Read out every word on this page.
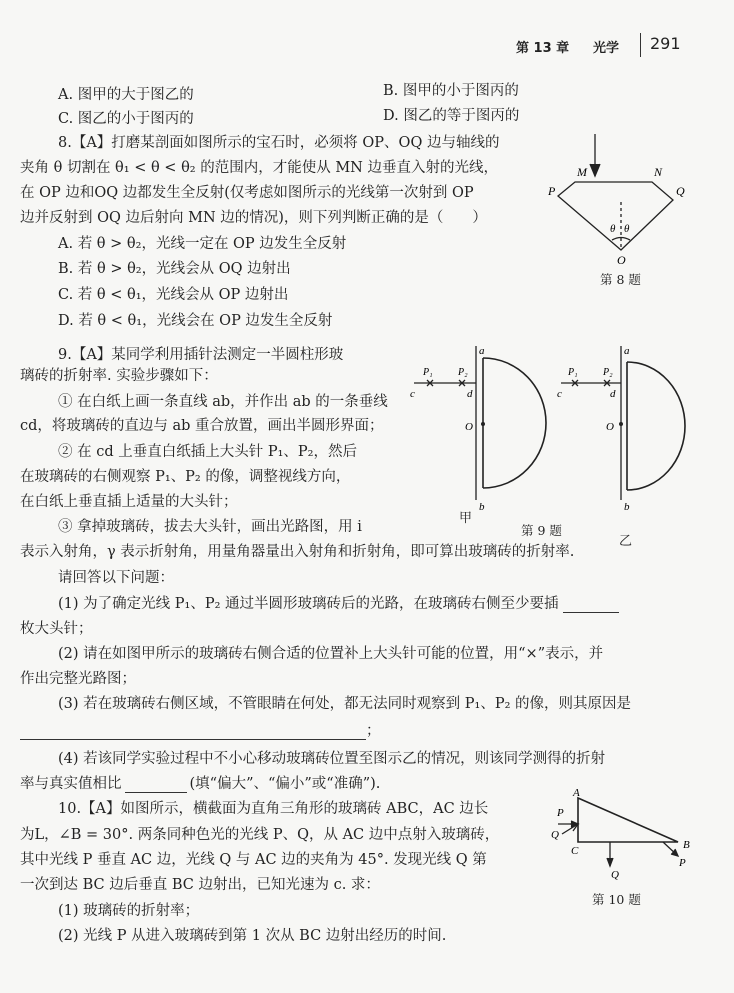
第 13 章 光学 291
A. 图甲的大于图乙的	B. 图甲的小于图丙的
C. 图乙的小于图丙的	D. 图乙的等于图丙的
8.【A】打磨某剖面如图所示的宝石时，必须将 OP、OQ 边与轴线的
夹角 θ 切割在 θ₁ < θ < θ₂ 的范围内，才能使从 MN 边垂直入射的光线，
在 OP 边和OQ 边都发生全反射(仅考虑如图所示的光线第一次射到 OP
边并反射到 OQ 边后射向 MN 边的情况)，则下列判断正确的是（　　）
A. 若 θ > θ₂，光线一定在 OP 边发生全反射
B. 若 θ > θ₂，光线会从 OQ 边射出
C. 若 θ < θ₁，光线会从 OP 边射出
D. 若 θ < θ₁，光线会在 OP 边发生全反射
M	N
P	Q
O
θ θ
第 8 题
9.【A】某同学利用插针法测定一半圆柱形玻
璃砖的折射率. 实验步骤如下：
① 在白纸上画一条直线 ab，并作出 ab 的一条垂线
cd，将玻璃砖的直边与 ab 重合放置，画出半圆形界面；
② 在 cd 上垂直白纸插上大头针 P₁、P₂，然后
在玻璃砖的右侧观察 P₁、P₂ 的像，调整视线方向，
在白纸上垂直插上适量的大头针；
③ 拿掉玻璃砖，拔去大头针，画出光路图，用 i
表示入射角，γ 表示折射角，用量角器量出入射角和折射角，即可算出玻璃砖的折射率.
请回答以下问题：
(1) 为了确定光线 P₁、P₂ 通过半圆形玻璃砖后的光路，在玻璃砖右侧至少要插
枚大头针；
(2) 请在如图甲所示的玻璃砖右侧合适的位置补上大头针可能的位置，用“×”表示，并
作出完整光路图；
(3) 若在玻璃砖右侧区域，不管眼睛在何处，都无法同时观察到 P₁、P₂ 的像，则其原因是
；
(4) 若该同学实验过程中不小心移动玻璃砖位置至图示乙的情况，则该同学测得的折射
率与真实值相比	(填“偏大”、“偏小”或“准确”).
a
b
c	d
O
P₁	P₂
a
b
c	d
O
P₁	P₂
甲
第 9 题
乙
10.【A】如图所示，横截面为直角三角形的玻璃砖 ABC，AC 边长
为L，∠B = 30°. 两条同种色光的光线 P、Q，从 AC 边中点射入玻璃砖，
其中光线 P 垂直 AC 边，光线 Q 与 AC 边的夹角为 45°. 发现光线 Q 第
一次到达 BC 边后垂直 BC 边射出，已知光速为 c. 求：
(1) 玻璃砖的折射率；
(2) 光线 P 从进入玻璃砖到第 1 次从 BC 边射出经历的时间.
A
C	B
P
Q
Q
P
第 10 题
